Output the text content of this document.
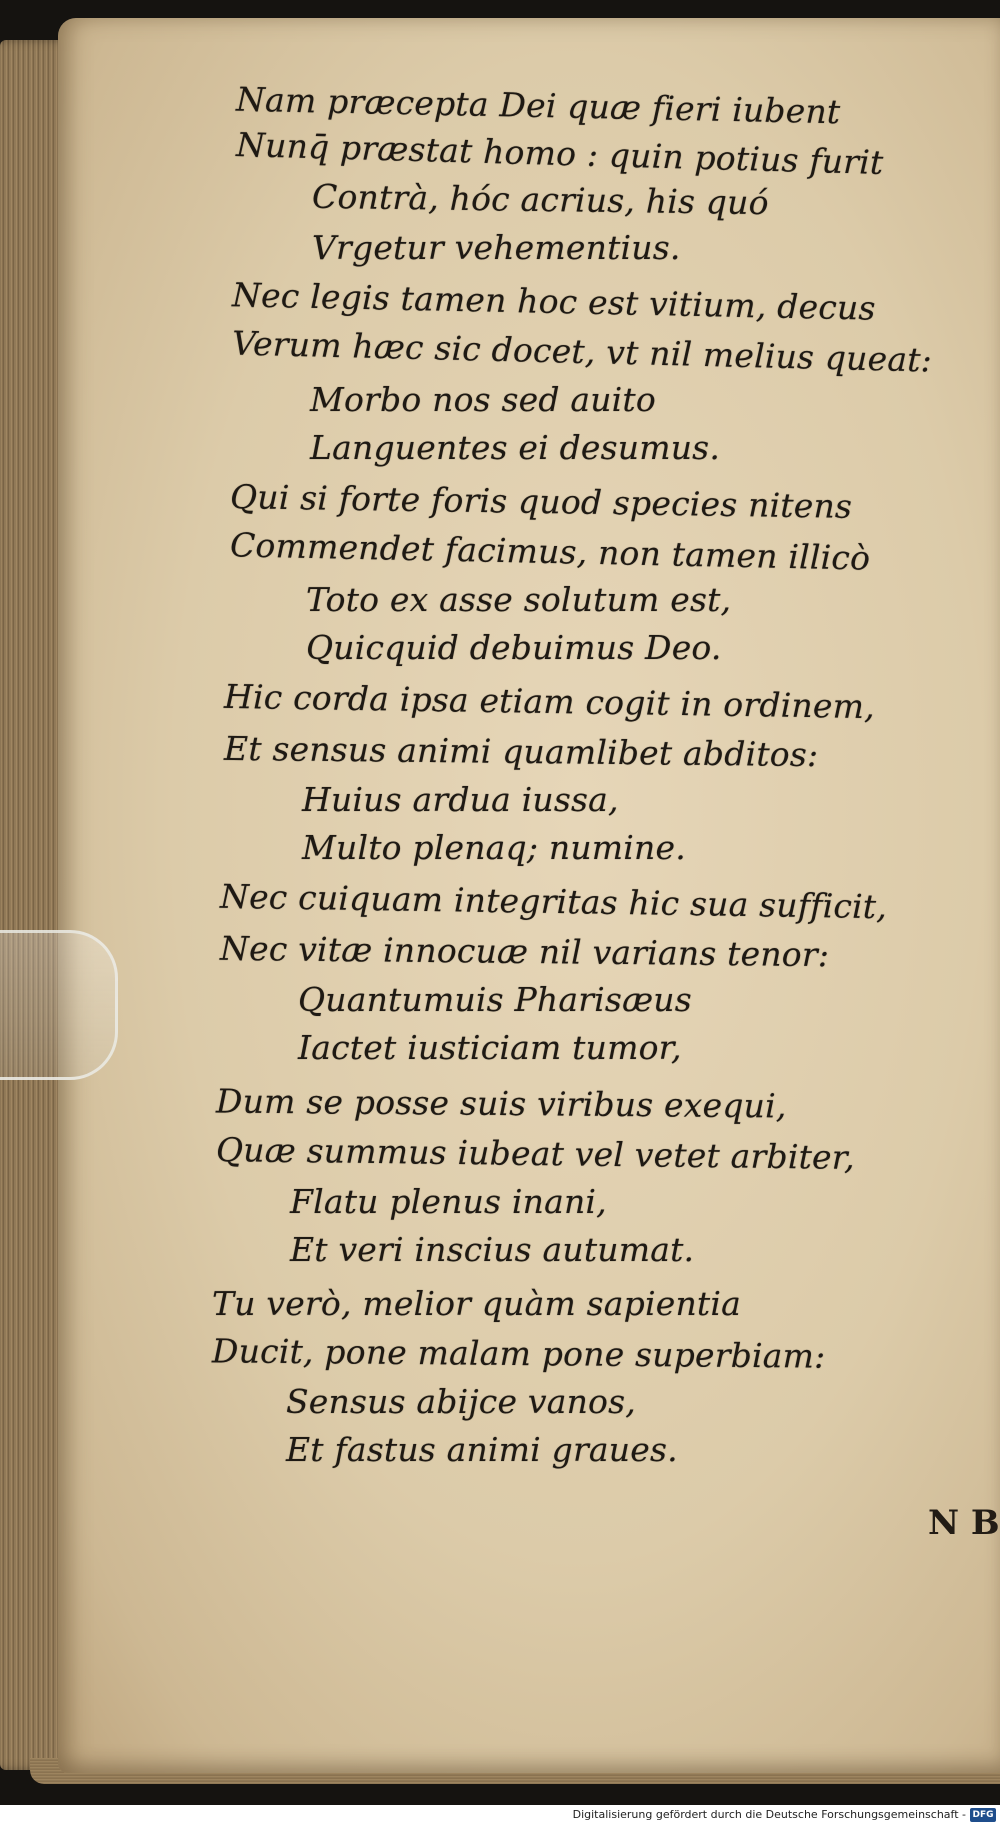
Nam præcepta Dei quæ fieri iubent
Nunq̄ præstat homo : quin potius furit
Contrà, hóc acrius, his quó
Vrgetur vehementius.
Nec legis tamen hoc est vitium, decus
Verum hæc sic docet, vt nil melius queat:
Morbo nos sed auito
Languentes ei desumus.
Qui si forte foris quod species nitens
Commendet facimus, non tamen illicò
Toto ex asse solutum est,
Quicquid debuimus Deo.
Hic corda ipsa etiam cogit in ordinem,
Et sensus animi quamlibet abditos:
Huius ardua iussa,
Multo plenaq; numine.
Nec cuiquam integritas hic sua sufficit,
Nec vitæ innocuæ nil varians tenor:
Quantumuis Pharisæus
Iactet iusticiam tumor,
Dum se posse suis viribus exequi,
Quæ summus iubeat vel vetet arbiter,
Flatu plenus inani,
Et veri inscius autumat.
Tu verò, melior quàm sapientia
Ducit, pone malam pone superbiam:
Sensus abijce vanos,
Et fastus animi graues.
N B
Digitalisierung gefördert durch die Deutsche Forschungsgemeinschaft - DFG
